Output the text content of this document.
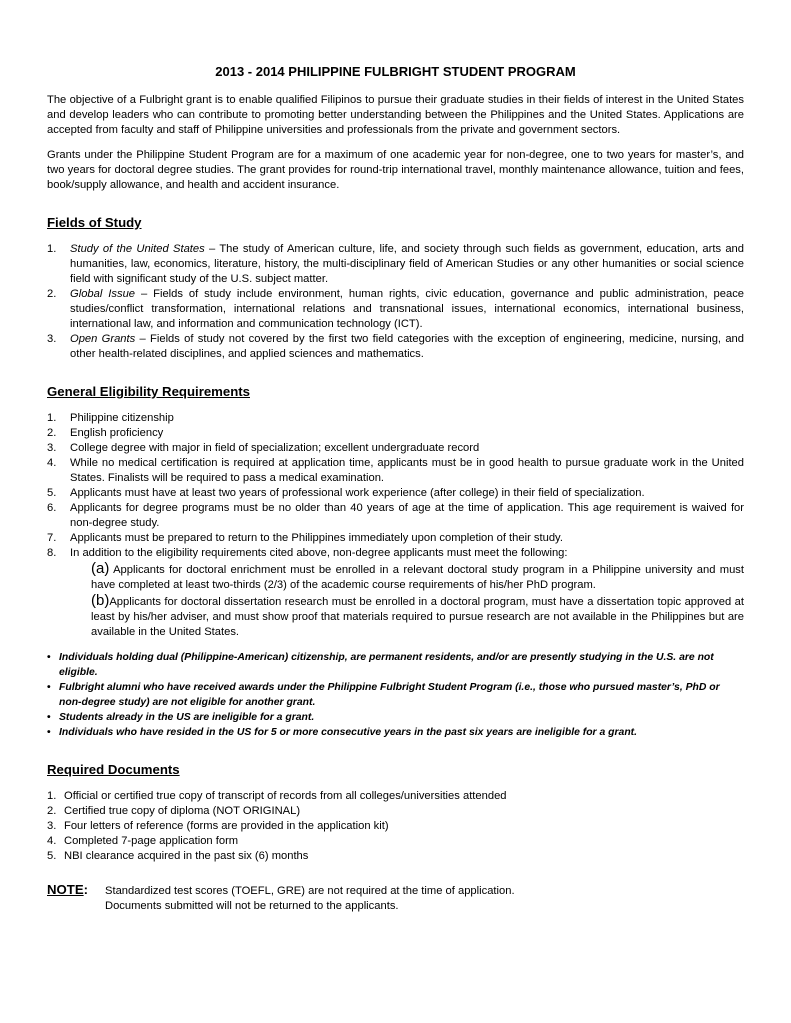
2013 - 2014 PHILIPPINE FULBRIGHT STUDENT PROGRAM

The objective of a Fulbright grant is to enable qualified Filipinos to pursue their graduate studies in their fields of interest in the United States and develop leaders who can contribute to promoting better understanding between the Philippines and the United States. Applications are accepted from faculty and staff of Philippine universities and professionals from the private and government sectors.

Grants under the Philippine Student Program are for a maximum of one academic year for non-degree, one to two years for master’s, and two years for doctoral degree studies. The grant provides for round-trip international travel, monthly maintenance allowance, tuition and fees, book/supply allowance, and health and accident insurance.

Fields of Study
1. Study of the United States – The study of American culture, life, and society through such fields as government, education, arts and humanities, law, economics, literature, history, the multi-disciplinary field of American Studies or any other humanities or social science field with significant study of the U.S. subject matter.
2. Global Issue – Fields of study include environment, human rights, civic education, governance and public administration, peace studies/conflict transformation, international relations and transnational issues, international economics, international business, international law, and information and communication technology (ICT).
3. Open Grants – Fields of study not covered by the first two field categories with the exception of engineering, medicine, nursing, and other health-related disciplines, and applied sciences and mathematics.
General Eligibility Requirements
1. Philippine citizenship
2. English proficiency
3. College degree with major in field of specialization; excellent undergraduate record
4. While no medical certification is required at application time, applicants must be in good health to pursue graduate work in the United States. Finalists will be required to pass a medical examination.
5. Applicants must have at least two years of professional work experience (after college) in their field of specialization.
6. Applicants for degree programs must be no older than 40 years of age at the time of application. This age requirement is waived for non-degree study.
7. Applicants must be prepared to return to the Philippines immediately upon completion of their study.
8. In addition to the eligibility requirements cited above, non-degree applicants must meet the following:
(a) Applicants for doctoral enrichment must be enrolled in a relevant doctoral study program in a Philippine university and must have completed at least two-thirds (2/3) of the academic course requirements of his/her PhD program.
(b)Applicants for doctoral dissertation research must be enrolled in a doctoral program, must have a dissertation topic approved at least by his/her adviser, and must show proof that materials required to pursue research are not available in the Philippines but are available in the United States.
• Individuals holding dual (Philippine-American) citizenship, are permanent residents, and/or are presently studying in the U.S. are not eligible.
• Fulbright alumni who have received awards under the Philippine Fulbright Student Program (i.e., those who pursued master’s, PhD or non-degree study) are not eligible for another grant.
• Students already in the US are ineligible for a grant.
• Individuals who have resided in the US for 5 or more consecutive years in the past six years are ineligible for a grant.
Required Documents
1. Official or certified true copy of transcript of records from all colleges/universities attended
2. Certified true copy of diploma (NOT ORIGINAL)
3. Four letters of reference (forms are provided in the application kit)
4. Completed 7-page application form
5. NBI clearance acquired in the past six (6) months
NOTE: Standardized test scores (TOEFL, GRE) are not required at the time of application.
Documents submitted will not be returned to the applicants.
